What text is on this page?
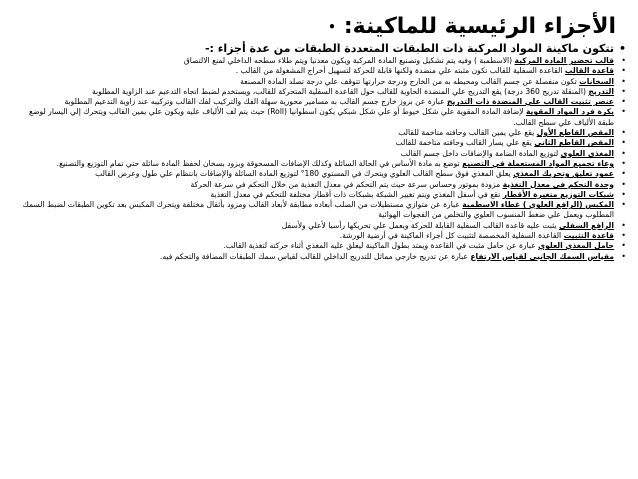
الأجزاء الرئيسية للماكينة:•
• تتكون ماكينة المواد المركبة ذات الطبقات المتعددة الطبقات من عدة أجزاء :-
• قالب تحضير المادة المركبة (الاسطمبة ) وفيه يتم تشكيل وتصنيع المادة المركبة ويكون معدنيا ويتم طلاء سطحه الداخلي لمنع الالتصاق
• قاعدة القالب القاعدة السفلية للقالب تكون مثبته علي منضدة ولكنها قابلة للحركة لتسهيل أخراج المشغولة من القالب .
• السخانات تكون منفصلة عن جسم القالب ومحيطه به من الخارج ودرجة حرارتها تتوقف علي درجة تصلد المادة المصنعة
• التدريج (المنقلة تدريج 360 درجة) يقع التدريج علي المنضدة الحاوية للقالب حول القاعدة السفلية المتحركة للقالب، ويستخدم لضبط اتجاه التدعيم عند الزاوية المطلوبة
• عنصر تثبيت القالب علي المنضدة ذات التدريج عبارة عن بروز خارج جسم القالب به مسامير محورية سهلة الفك والتركيب لفك القالب وتركيبه عند زاوية التدعيم المطلوبة
• بكرة فرد المواد المقوية لإضافة المادة المقوية علي شكل خيوط أو علي شكل شبكي يكون اسطوانيا (Roll) حيث يتم لف الألياف عليه ويكون علي يمين القالب ويتحرك إلي اليسار لوضع طبقة الألياف علي سطح القالب.
• المقص القاطع الأول يقع علي يمين القالب وحافته متاخمة للقالب
• المقص القاطع الثاني يقع علي يسار القالب وحافته متاخمة للقالب
• المغذي العلوي لتوزيع المادة الضامة والإضافات داخل جسم القالب
• وعاء تجميع المواد المستعملة في التصنيع توضع به مادة الأساس في الحالة السائلة وكذلك الإضافات المسحوقة ويزود بسخان لحفظ المادة سائلة حتي تمام التوزيع والتصنيع.
• عمود تعليق وتحريك المغذي يعلق المغذي فوق سطح القالب العلوي ويتحرك في المستوي 180° لتوزيع المادة السائلة والإضافات بانتظام علي طول وعرض القالب
• وحدة التحكم في معدل التغذية مزودة بموتور وحساس سرعة حيث يتم التحكم في معدل التغذية من خلال التحكم في سرعة الحركة
• شبكات التوزيع متغيرة الأقطار تقع في أسفل المغذي ويتم تغيير الشبكة بشبكات ذات أقطار مختلفة للتحكم في معدل التغذية
• المكبس (الرافع العلوي ) غطاء الاسطمبة عبارة عن متوازي مستطيلات من الصلب أبعاده مطابقة لأبعاد القالب ومزود بأثقال مختلفة ويتحرك المكبس بعد تكوين الطبقات لضبط السمك المطلوب ويعمل علي ضغط المنسوب العلوي والتخلص من الفجوات الهوائية
• الرافع السفلي يثبت عليه قاعدة القالب السفلية القابلة للحركة ويعمل علي تحريكها رأسيا لأعلي ولأسفل
• قاعدة التثبيت القاعدة السفلية المخصصة لتثبيت كل أجزاء الماكينة في أرضية الورشة.
• حامل المغذي العلوي عبارة عن حامل مثبت في القاعدة ويمتد بطول الماكينة ليعلق عليه المغذي أثناء حركته لتغذية القالب.
• مقياس السمك الجانبي لقياس الارتفاع عبارة عن تدريج خارجي مماثل للتدريج الداخلي للقالب لقياس سمك الطبقات المضافة والتحكم فيه.
